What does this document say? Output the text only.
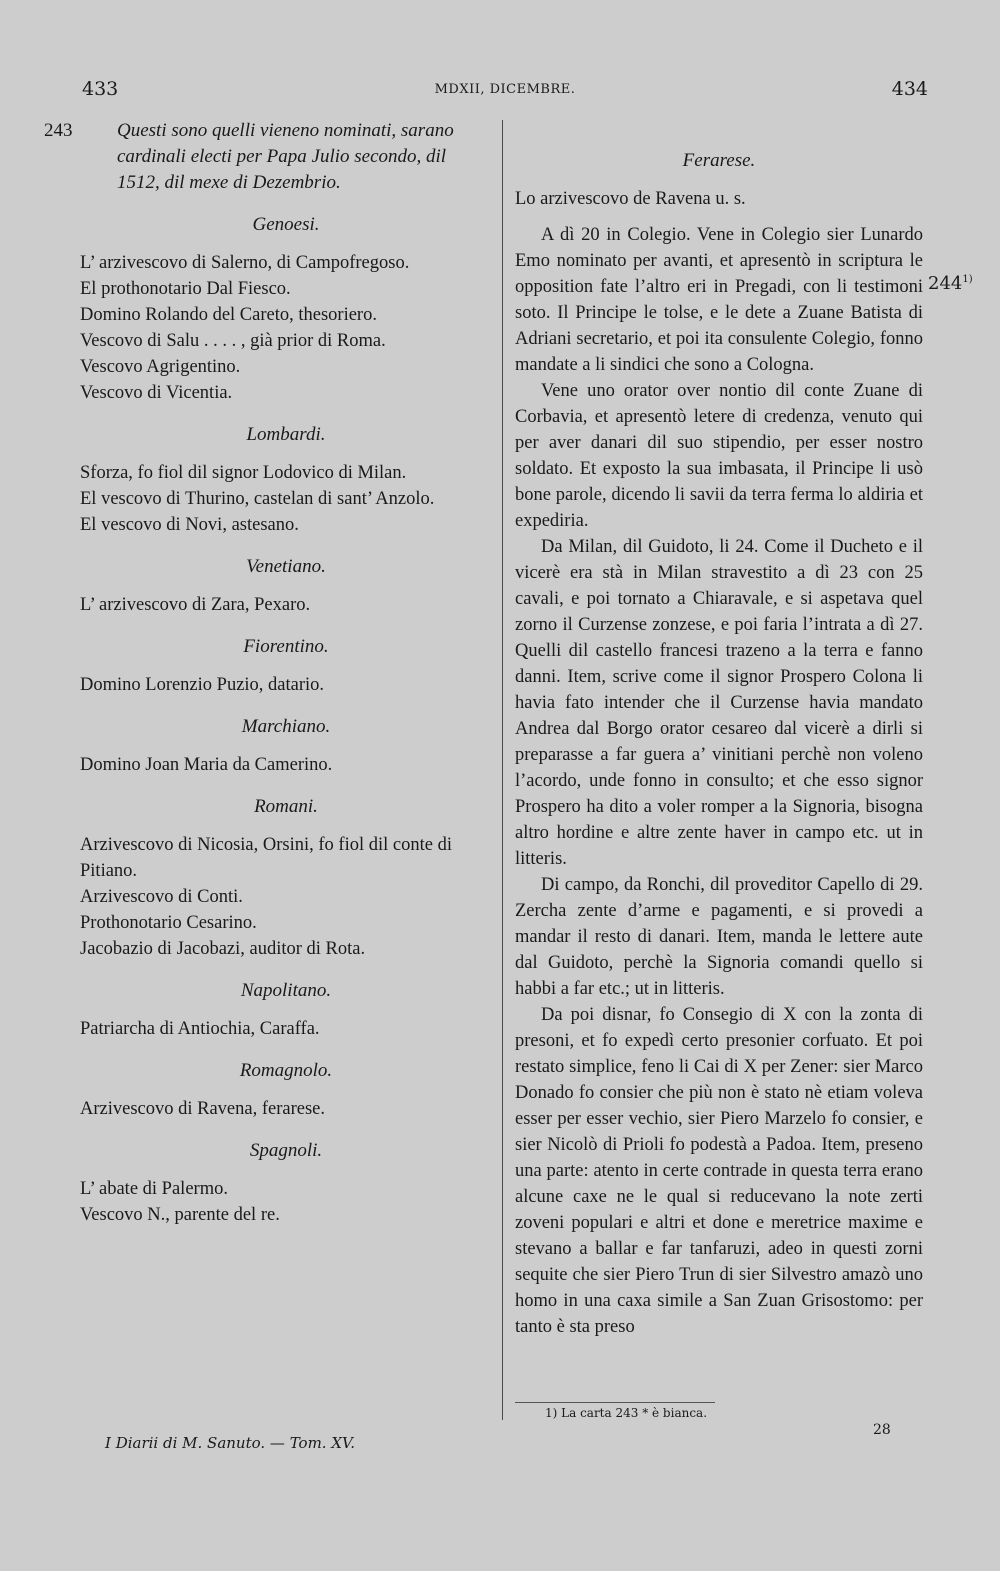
433	MDXII, DICEMBRE.	434
243 Questi sono quelli vieneno nominati, sarano
cardinali electi per Papa Julio secondo, dil
1512, dil mexe di Dezembrio.
Genoesi.
L’ arzivescovo di Salerno, di Campofregoso.
El prothonotario Dal Fiesco.
Domino Rolando del Careto, thesoriero.
Vescovo di Salu . . . . , già prior di Roma.
Vescovo Agrigentino.
Vescovo di Vicentia.
Lombardi.
Sforza, fo fiol dil signor Lodovico di Milan.
El vescovo di Thurino, castelan di sant’ Anzolo.
El vescovo di Novi, astesano.
Venetiano.
L’ arzivescovo di Zara, Pexaro.
Fiorentino.
Domino Lorenzio Puzio, datario.
Marchiano.
Domino Joan Maria da Camerino.
Romani.
Arzivescovo di Nicosia, Orsini, fo fiol dil conte di
Pitiano.
Arzivescovo di Conti.
Prothonotario Cesarino.
Jacobazio di Jacobazi, auditor di Rota.
Napolitano.
Patriarcha di Antiochia, Caraffa.
Romagnolo.
Arzivescovo di Ravena, ferarese.
Spagnoli.
L’ abate di Palermo.
Vescovo N., parente del re.
Ferarese.

Lo arzivescovo de Ravena u. s.

A dì 20 in Colegio. Vene in Colegio sier Lunardo Emo nominato per avanti, et apresentò in scriptura le opposition fate l’altro eri in Pregadi, con li testimoni soto. Il Principe le tolse, e le dete a Zuane Batista di Adriani secretario, et poi ita consulente Colegio, fonno mandate a li sindici che sono a Cologna.

Vene uno orator over nontio dil conte Zuane di Corbavia, et apresentò letere di credenza, venuto qui per aver danari dil suo stipendio, per esser nostro soldato. Et exposto la sua imbasata, il Principe li usò bone parole, dicendo li savii da terra ferma lo aldiria et expediria.

Da Milan, dil Guidoto, li 24. Come il Ducheto e il vicerè era stà in Milan stravestito a dì 23 con 25 cavali, e poi tornato a Chiaravale, e si aspetava quel zorno il Curzense zonzese, e poi faria l’intrata a dì 27. Quelli dil castello francesi trazeno a la terra e fanno danni. Item, scrive come il signor Prospero Colona li havia fato intender che il Curzense havia mandato Andrea dal Borgo orator cesareo dal vicerè a dirli si preparasse a far guera a’ vinitiani perchè non voleno l’acordo, unde fonno in consulto; et che esso signor Prospero ha dito a voler romper a la Signoria, bisogna altro hordine e altre zente haver in campo etc. ut in litteris.

Di campo, da Ronchi, dil proveditor Capello di 29. Zercha zente d’arme e pagamenti, e si provedi a mandar il resto di danari. Item, manda le lettere aute dal Guidoto, perchè la Signoria comandi quello si habbi a far etc.; ut in litteris.

Da poi disnar, fo Consegio di X con la zonta di presoni, et fo expedì certo presonier corfuato. Et poi restato simplice, feno li Cai di X per Zener: sier Marco Donado fo consier che più non è stato nè etiam voleva esser per esser vechio, sier Piero Marzelo fo consier, e sier Nicolò di Prioli fo podestà a Padoa. Item, preseno una parte: atento in certe contrade in questa terra erano alcune caxe ne le qual si reducevano la note zerti zoveni populari e altri et done e meretrice maxime e stevano a ballar e far tanfaruzi, adeo in questi zorni sequite che sier Piero Trun di sier Silvestro amazò uno homo in una caxa simile a San Zuan Grisostomo: per tanto è sta preso

244$^{1)}$
1) La carta 243 * è bianca.
I Diarii di M. Sanuto. — Tom. XV.
28
